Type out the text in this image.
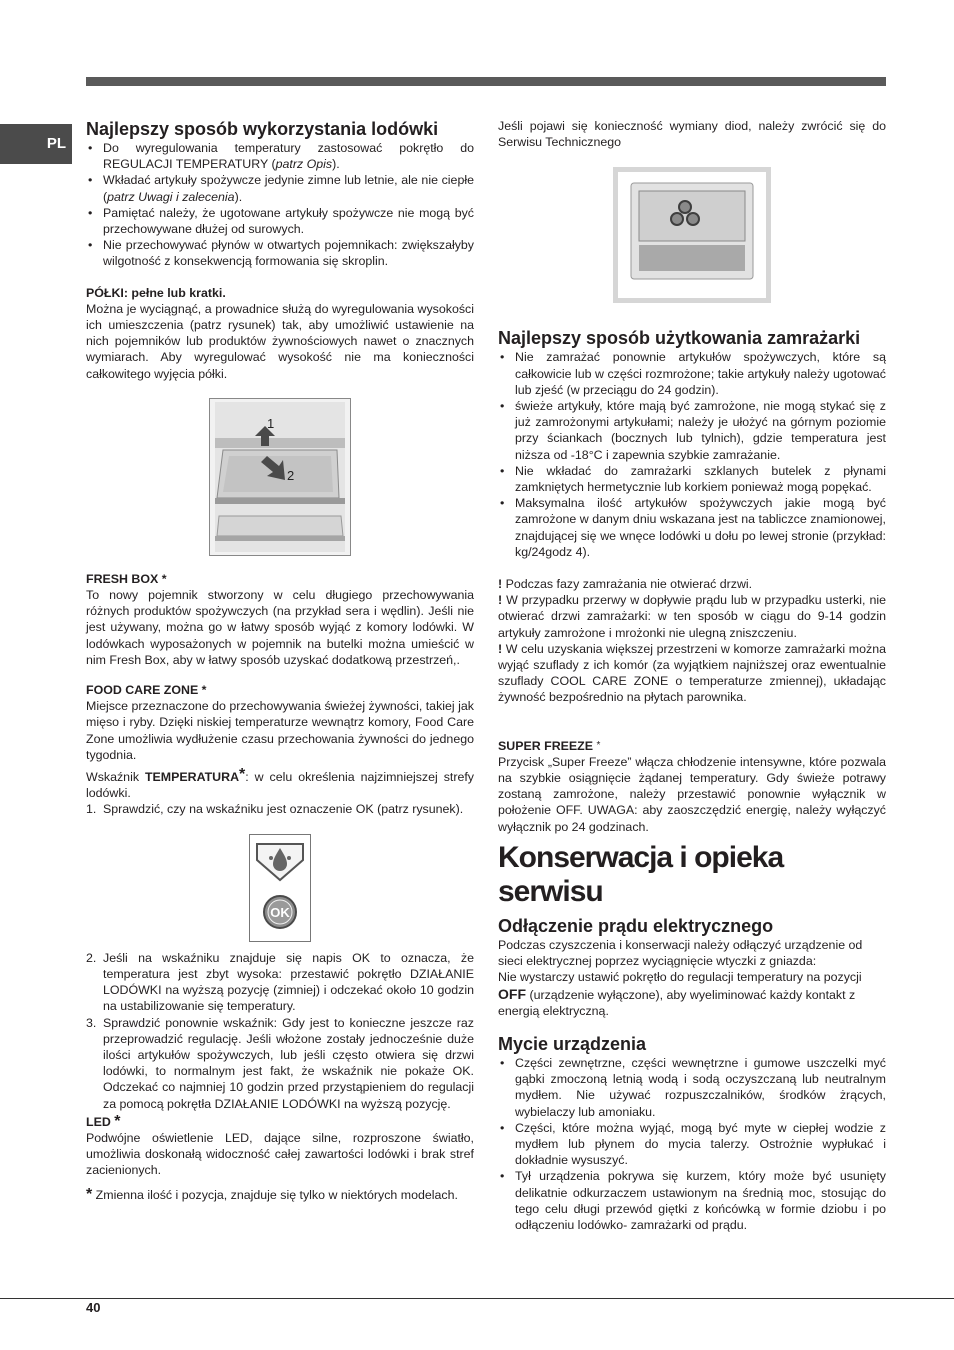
PL
Najlepszy sposób wykorzystania lodówki
• Do wyregulowania temperatury zastosować pokrętło do REGULACJI TEMPERATURY (patrz Opis).
• Wkładać artykuły spożywcze jedynie zimne lub letnie, ale nie ciepłe (patrz Uwagi i zalecenia).
• Pamiętać należy, że ugotowane artykuły spożywcze nie mogą być przechowywane dłużej od surowych.
• Nie przechowywać płynów w otwartych pojemnikach: zwiększałyby wilgotność z konsekwencją formowania się skroplin.

PÓŁKI: pełne lub kratki.

Można je wyciągnąć, a prowadnice służą do wyregulowania wysokości ich umieszczenia (patrz rysunek) tak, aby umożliwić ustawienie na nich pojemników lub produktów żywnościowych nawet o znacznych wymiarach. Aby wyregulować wysokość nie ma konieczności całkowitego wyjęcia półki.

1
2

FRESH BOX *

To nowy pojemnik stworzony w celu długiego przechowywania różnych produktów spożywczych (na przykład sera i wędlin). Jeśli nie jest używany, można go w łatwy sposób wyjąć z komory lodówki. W lodówkach wyposażonych w pojemnik na butelki można umieścić w nim Fresh Box, aby w łatwy sposób uzyskać dodatkową przestrzeń,.

FOOD CARE ZONE *

Miejsce przeznaczone do przechowywania świeżej żywności, takiej jak mięso i ryby. Dzięki niskiej temperaturze wewnątrz komory, Food Care Zone umożliwia wydłużenie czasu przechowania żywności do jednego tygodnia.

Wskaźnik TEMPERATURA*: w celu określenia najzimniejszej strefy lodówki.

1. Sprawdzić, czy na wskaźniku jest oznaczenie OK (patrz rysunek).
OK
2. Jeśli na wskaźniku znajduje się napis OK to oznacza, że temperatura jest zbyt wysoka: przestawić pokrętło DZIAŁANIE LODÓWKI na wyższą pozycję (zimniej) i odczekać około 10 godzin na ustabilizowanie się temperatury.
3. Sprawdzić ponownie wskaźnik: Gdy jest to konieczne jeszcze raz przeprowadzić regulację. Jeśli włożone zostały jednocześnie duże ilości artykułów spożywczych, lub jeśli często otwiera się drzwi lodówki, to normalnym jest fakt, że wskaźnik nie pokaże OK. Odczekać co najmniej 10 godzin przed przystąpieniem do regulacji za pomocą pokrętła DZIAŁANIE LODÓWKI na wyższą pozycję.

LED *

Podwójne oświetlenie LED, dające silne, rozproszone światło, umożliwia doskonałą widoczność całej zawartości lodówki i brak stref zacienionych.

* Zmienna ilość i pozycja, znajduje się tylko w niektórych modelach.

Jeśli pojawi się konieczność wymiany diod, należy zwrócić się do Serwisu Technicznego

Najlepszy sposób użytkowania zamrażarki
• Nie zamrażać ponownie artykułów spożywczych, które są całkowicie lub w części rozmrożone; takie artykuły należy ugotować lub zjeść (w przeciągu do 24 godzin).
• świeże artykuły, które mają być zamrożone, nie mogą stykać się z już zamrożonymi artykułami; należy je ułożyć na górnym poziomie przy ściankach (bocznych lub tylnich), gdzie temperatura jest niższa od -18°C i zapewnia szybkie zamrażanie.
• Nie wkładać do zamrażarki szklanych butelek z płynami zamkniętych hermetycznie lub korkiem ponieważ mogą popękać.
• Maksymalna ilość artykułów spożywczych jakie mogą być zamrożone w danym dniu wskazana jest na tabliczce znamionowej, znajdującej się we wnęce lodówki u dołu po lewej stronie (przykład: kg/24godz 4).

! Podczas fazy zamrażania nie otwierać drzwi.

! W przypadku przerwy w dopływie prądu lub w przypadku usterki, nie otwierać drzwi zamrażarki: w ten sposób w ciągu do 9-14 godzin artykuły zamrożone i mrożonki nie ulegną zniszczeniu.

! W celu uzyskania większej przestrzeni w komorze zamrażarki można wyjąć szuflady z ich komór (za wyjątkiem najniższej oraz ewentualnie szuflady COOL CARE ZONE o temperaturze zmiennej), układając żywność bezpośrednio na płytach parownika.

SUPER FREEZE *

Przycisk „Super Freeze” włącza chłodzenie intensywne, które pozwala na szybkie osiągnięcie żądanej temperatury. Gdy świeże potrawy zostaną zamrożone, należy przestawić ponownie wyłącznik w położenie OFF. UWAGA: aby zaoszczędzić energię, należy wyłączyć wyłącznik po 24 godzinach.

Konserwacja i opieka serwisu
Odłączenie prądu elektrycznego

Podczas czyszczenia i konserwacji należy odłączyć urządzenie od sieci elektrycznej poprzez wyciągnięcie wtyczki z gniazda:
Nie wystarczy ustawić pokrętło do regulacji temperatury na pozycji
OFF (urządzenie wyłączone), aby wyeliminować każdy kontakt z energią elektryczną.

Mycie urządzenia
• Części zewnętrzne, części wewnętrzne i gumowe uszczelki myć gąbki zmoczoną letnią wodą i sodą oczyszczaną lub neutralnym mydłem. Nie używać rozpuszczalników, środków żrących, wybielaczy lub amoniaku.
• Części, które można wyjąć, mogą być myte w ciepłej wodzie z mydłem lub płynem do mycia talerzy. Ostrożnie wypłukać i dokładnie wysuszyć.
• Tył urządzenia pokrywa się kurzem, który może być usunięty delikatnie odkurzaczem ustawionym na średnią moc, stosując do tego celu długi przewód giętki z końcówką w formie dziobu i po odłączeniu lodówko- zamrażarki od prądu.
40
